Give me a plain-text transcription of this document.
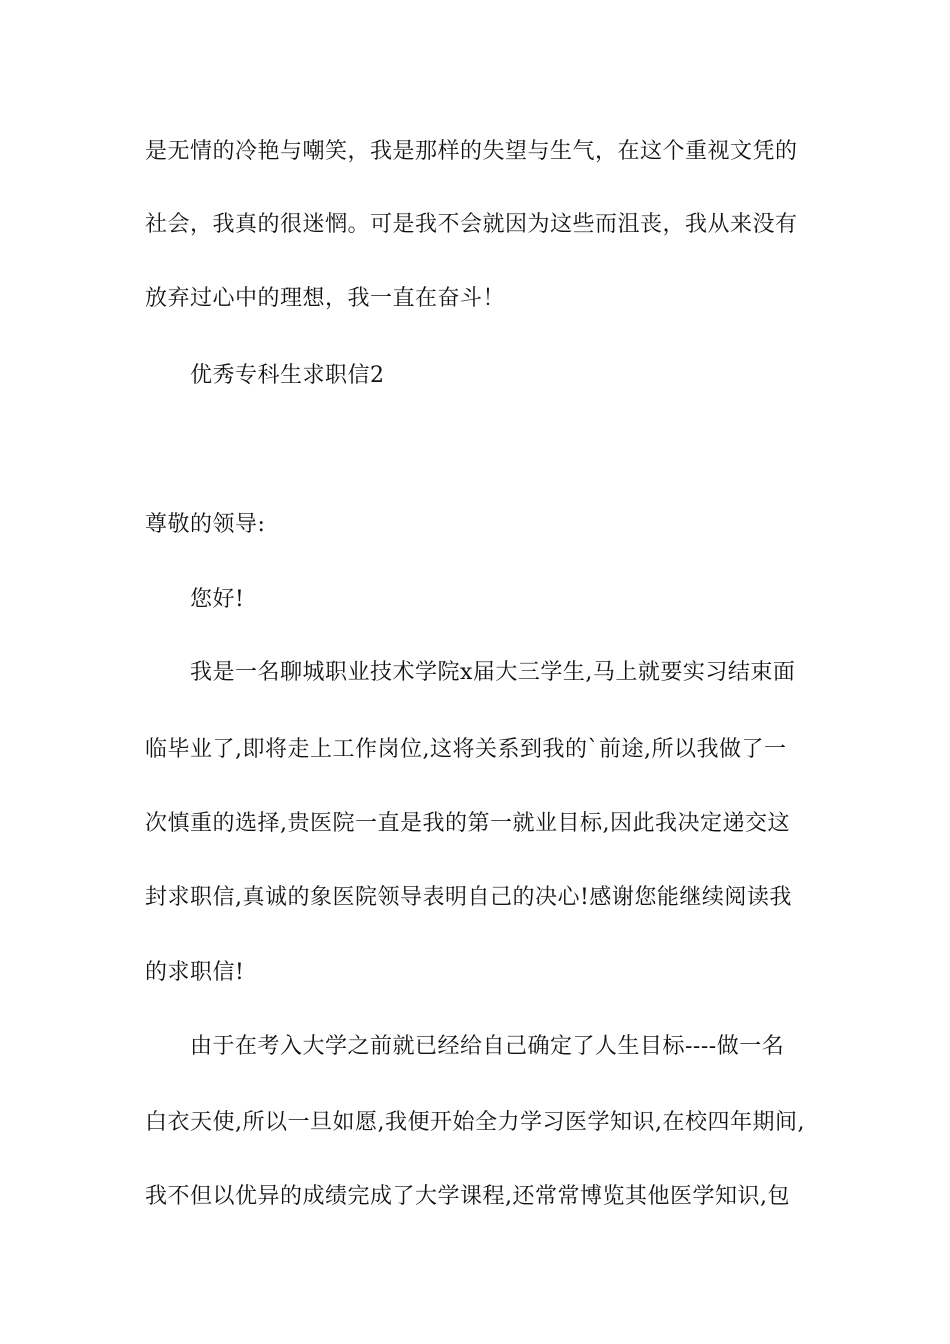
是无情的冷艳与嘲笑，我是那样的失望与生气，在这个重视文凭的
社会，我真的很迷惘。可是我不会就因为这些而沮丧，我从来没有
放弃过心中的理想，我一直在奋斗！
优秀专科生求职信2
尊敬的领导:
您好!
我是一名聊城职业技术学院x届大三学生,马上就要实习结束面
临毕业了,即将走上工作岗位,这将关系到我的`前途,所以我做了一
次慎重的选择,贵医院一直是我的第一就业目标,因此我决定递交这
封求职信,真诚的象医院领导表明自己的决心!感谢您能继续阅读我
的求职信!
由于在考入大学之前就已经给自己确定了人生目标----做一名
白衣天使,所以一旦如愿,我便开始全力学习医学知识,在校四年期间,
我不但以优异的成绩完成了大学课程,还常常博览其他医学知识,包
